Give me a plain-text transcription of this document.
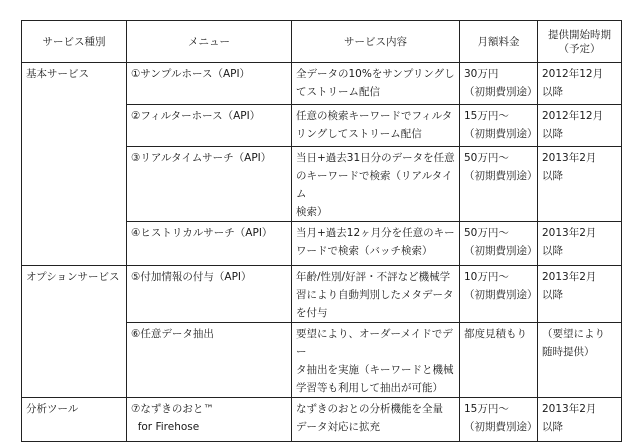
サービス種別	メニュー	サービス内容	月額料金	提供開始時期
（予定）
基本サービス	①サンプルホース（API）	全データの10%をサンプリングし
てストリーム配信	30万円
（初期費別途）	2012年12月
以降
	②フィルターホース（API）	任意の検索キーワードでフィルタ
リングしてストリーム配信	15万円～
（初期費別途）	2012年12月
以降
	③リアルタイムサーチ（API）	当日+過去31日分のデータを任意
のキーワードで検索（リアルタイム
検索）	50万円～
（初期費別途）	2013年2月
以降
	④ヒストリカルサーチ（API）	当月+過去12ヶ月分を任意のキー
ワードで検索（バッチ検索）	50万円～
（初期費別途）	2013年2月
以降
オプションサービス	⑤付加情報の付与（API）	年齢/性別/好評・不評など機械学
習により自動判別したメタデータ
を付与	10万円～
（初期費別途）	2013年2月
以降
	⑥任意データ抽出	要望により、オーダーメイドでデー
タ抽出を実施（キーワードと機械
学習等も利用して抽出が可能）	都度見積もり	（要望により
随時提供）
分析ツール	⑦なずきのおと™
for Firehose	なずきのおとの分析機能を全量
データ対応に拡充	15万円～
（初期費別途）	2013年2月
以降
